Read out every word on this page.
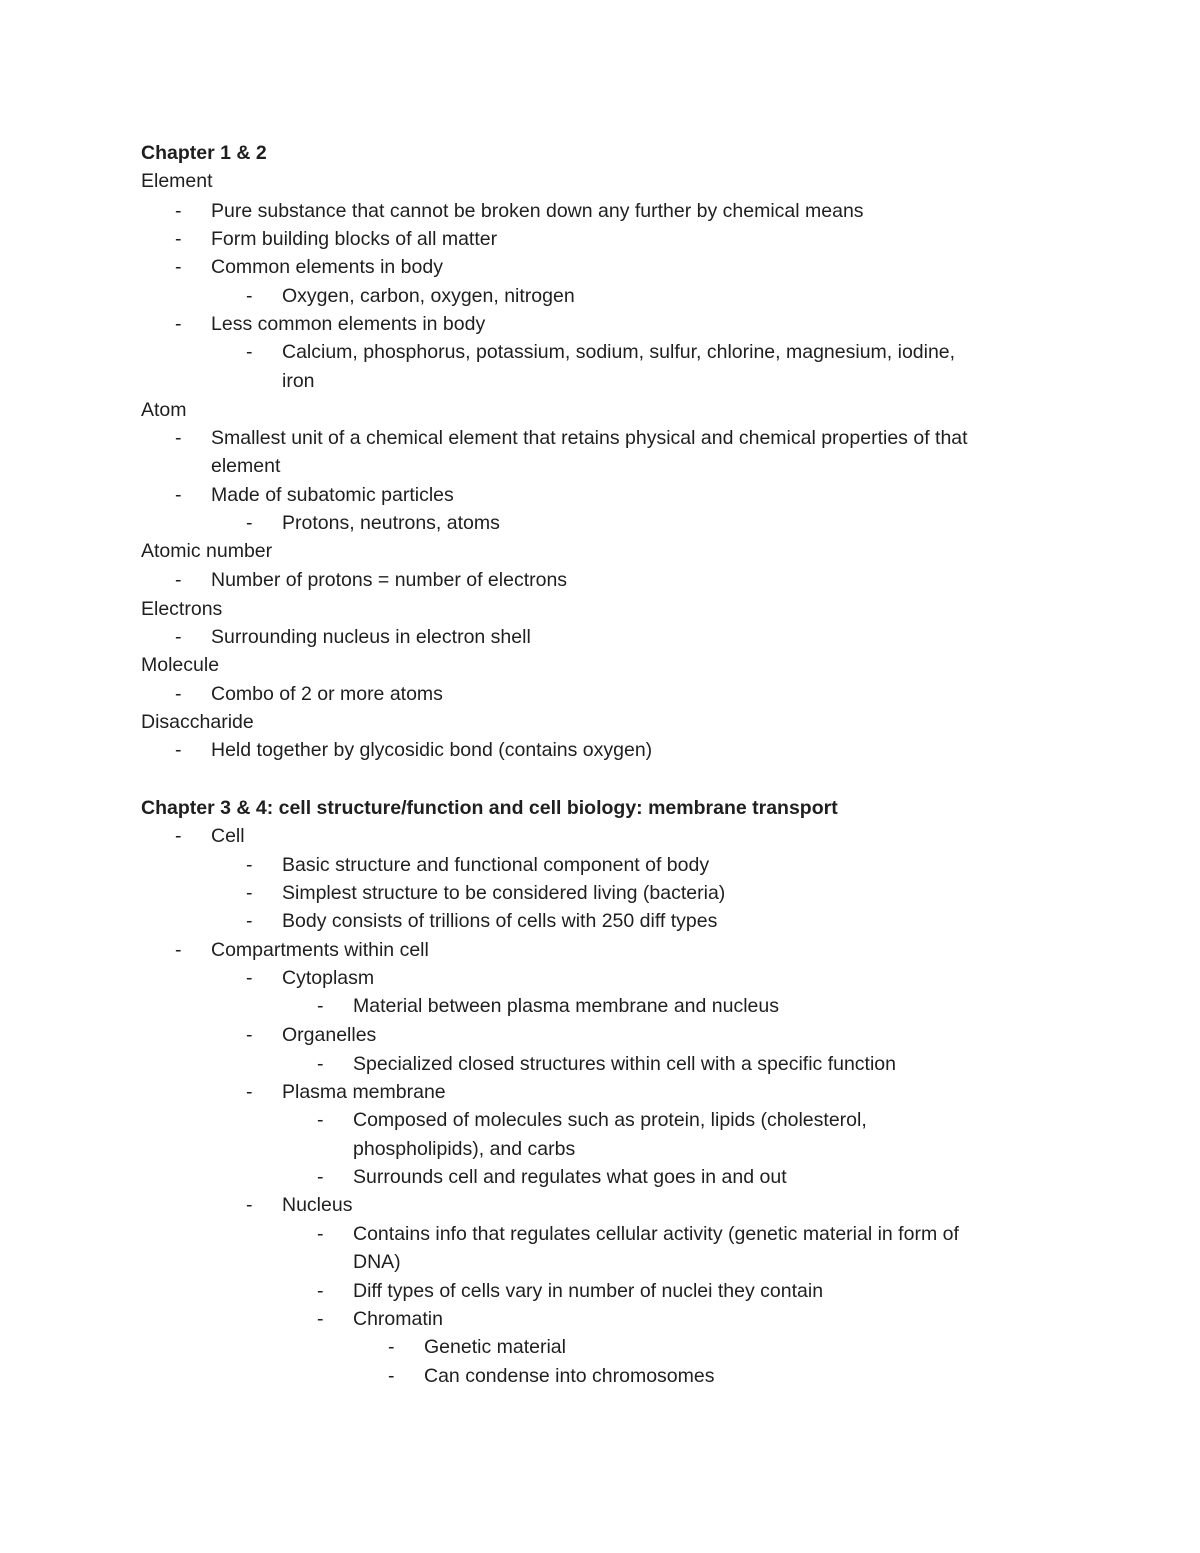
Chapter 1 & 2
Element
- Pure substance that cannot be broken down any further by chemical means
- Form building blocks of all matter
- Common elements in body
- Oxygen, carbon, oxygen, nitrogen
- Less common elements in body
- Calcium, phosphorus, potassium, sodium, sulfur, chlorine, magnesium, iodine,
iron
Atom
- Smallest unit of a chemical element that retains physical and chemical properties of that
element
- Made of subatomic particles
- Protons, neutrons, atoms
Atomic number
- Number of protons = number of electrons
Electrons
- Surrounding nucleus in electron shell
Molecule
- Combo of 2 or more atoms
Disaccharide
- Held together by glycosidic bond (contains oxygen)
Chapter 3 & 4: cell structure/function and cell biology: membrane transport
- Cell
- Basic structure and functional component of body
- Simplest structure to be considered living (bacteria)
- Body consists of trillions of cells with 250 diff types
- Compartments within cell
- Cytoplasm
- Material between plasma membrane and nucleus
- Organelles
- Specialized closed structures within cell with a specific function
- Plasma membrane
- Composed of molecules such as protein, lipids (cholesterol,
phospholipids), and carbs
- Surrounds cell and regulates what goes in and out
- Nucleus
- Contains info that regulates cellular activity (genetic material in form of
DNA)
- Diff types of cells vary in number of nuclei they contain
- Chromatin
- Genetic material
- Can condense into chromosomes
